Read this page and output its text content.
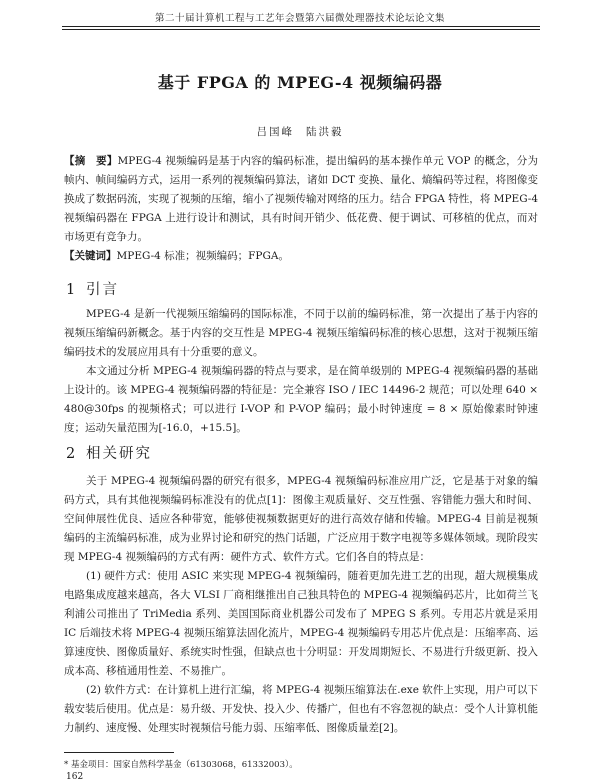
第二十届计算机工程与工艺年会暨第六届微处理器技术论坛论文集
基于 FPGA 的 MPEG-4 视频编码器
吕国峰 陆洪毅
【摘　要】MPEG-4 视频编码是基于内容的编码标准，提出编码的基本操作单元 VOP 的概念，分为帧内、帧间编码方式，运用一系列的视频编码算法，诸如 DCT 变换、量化、熵编码等过程，将图像变换成了数据码流，实现了视频的压缩，缩小了视频传输对网络的压力。结合 FPGA 特性，将 MPEG-4 视频编码器在 FPGA 上进行设计和测试，具有时间开销少、低花费、便于调试、可移植的优点，而对市场更有竞争力。
【关键词】MPEG-4 标准；视频编码；FPGA。
1 引言

MPEG-4 是新一代视频压缩编码的国际标准，不同于以前的编码标准，第一次提出了基于内容的视频压缩编码新概念。基于内容的交互性是 MPEG-4 视频压缩编码标准的核心思想，这对于视频压缩编码技术的发展应用具有十分重要的意义。

本文通过分析 MPEG-4 视频编码器的特点与要求，是在简单级别的 MPEG-4 视频编码器的基础上设计的。该 MPEG-4 视频编码器的特征是：完全兼容 ISO / IEC 14496-2 规范；可以处理 640 × 480@30fps 的视频格式；可以进行 I-VOP 和 P-VOP 编码；最小时钟速度 = 8 × 原始像素时钟速度；运动矢量范围为[-16.0，+15.5]。

2 相关研究

关于 MPEG-4 视频编码器的研究有很多，MPEG-4 视频编码标准应用广泛，它是基于对象的编码方式，具有其他视频编码标准没有的优点[1]：图像主观质量好、交互性强、容错能力强大和时间、空间伸展性优良、适应各种带宽，能够使视频数据更好的进行高效存储和传输。MPEG-4 目前是视频编码的主流编码标准，成为业界讨论和研究的热门话题，广泛应用于数字电视等多媒体领域。现阶段实现 MPEG-4 视频编码的方式有两：硬件方式、软件方式。它们各自的特点是：

(1) 硬件方式：使用 ASIC 来实现 MPEG-4 视频编码，随着更加先进工艺的出现，超大规模集成电路集成度越来越高，各大 VLSI 厂商相继推出自己独具特色的 MPEG-4 视频编码芯片，比如荷兰飞利浦公司推出了 TriMedia 系列、美国国际商业机器公司发布了 MPEG S 系列。专用芯片就是采用 IC 后端技术将 MPEG-4 视频压缩算法固化流片，MPEG-4 视频编码专用芯片优点是：压缩率高、运算速度快、图像质量好、系统实时性强，但缺点也十分明显：开发周期短长、不易进行升级更新、投入成本高、移植通用性差、不易推广。

(2) 软件方式：在计算机上进行汇编，将 MPEG-4 视频压缩算法在.exe 软件上实现，用户可以下载安装后使用。优点是：易升级、开发快、投入少、传播广，但也有不容忽视的缺点：受个人计算机能力制约、速度慢、处理实时视频信号能力弱、压缩率低、图像质量差[2]。

* 基金项目：国家自然科学基金（61303068，61332003）。
162
